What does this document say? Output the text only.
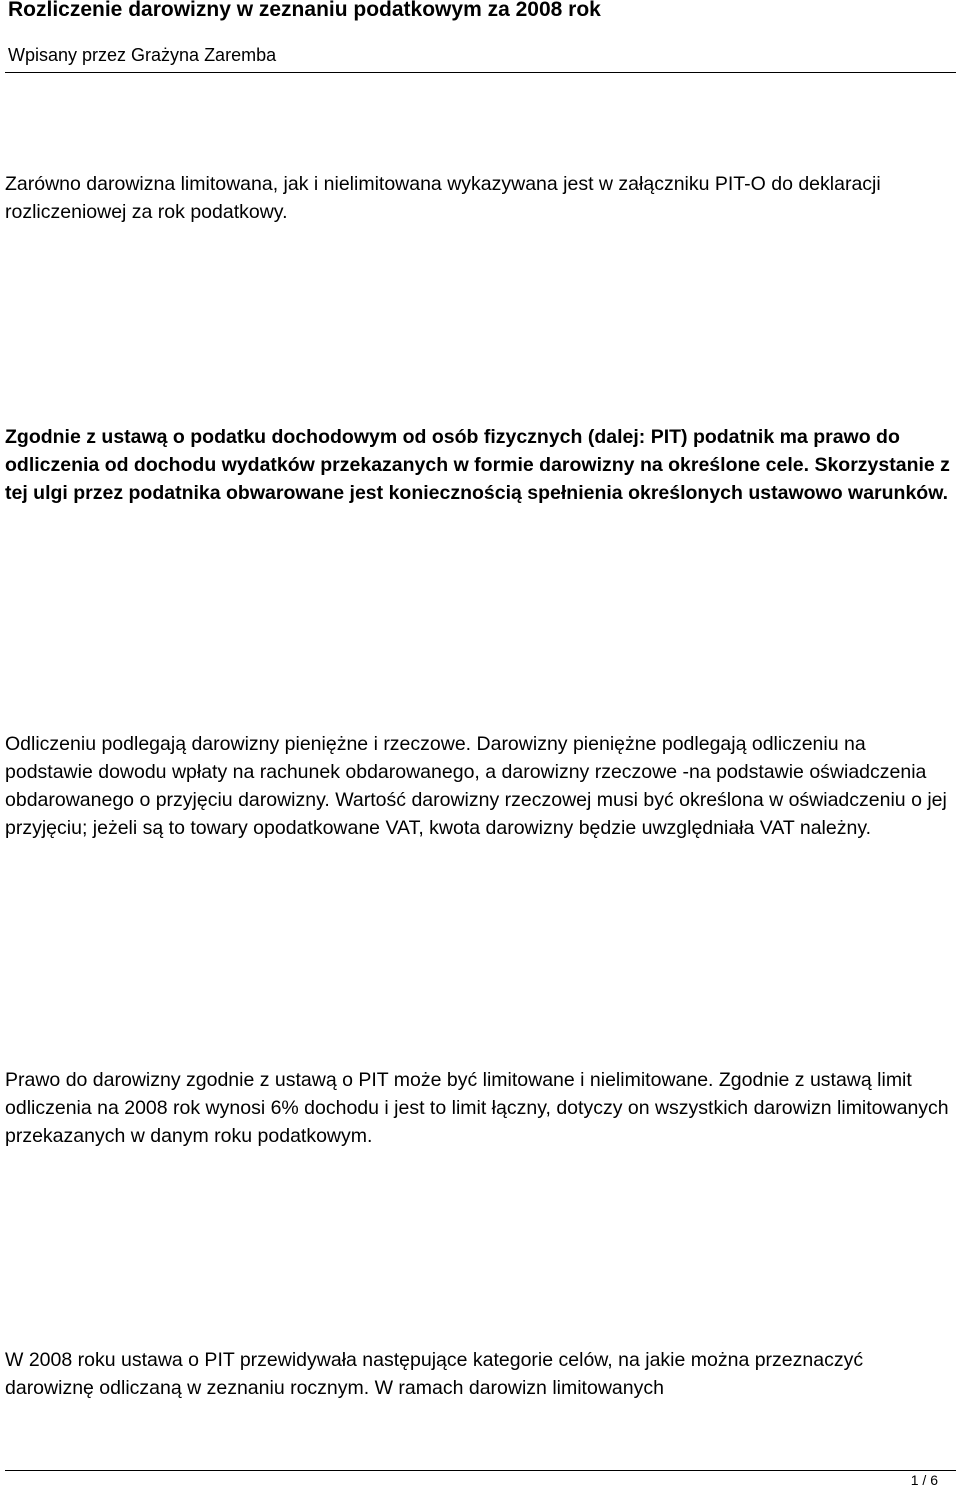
Rozliczenie darowizny w zeznaniu podatkowym za 2008 rok
Wpisany przez Grażyna Zaremba

Zarówno darowizna limitowana, jak i nielimitowana wykazywana jest w załączniku PIT-O do deklaracji rozliczeniowej za rok podatkowy.

Zgodnie z ustawą o podatku dochodowym od osób fizycznych (dalej: PIT) podatnik ma prawo do odliczenia od dochodu wydatków przekazanych w formie darowizny na określone cele. Skorzystanie z tej ulgi przez podatnika obwarowane jest koniecznością spełnienia określonych ustawowo warunków.

Odliczeniu podlegają darowizny pieniężne i rzeczowe. Darowizny pieniężne podlegają odliczeniu na podstawie dowodu wpłaty na rachunek obdarowanego, a darowizny rzeczowe -na podstawie oświadczenia obdarowanego o przyjęciu darowizny. Wartość darowizny rzeczowej musi być określona w oświadczeniu o jej przyjęciu; jeżeli są to towary opodatkowane VAT, kwota darowizny będzie uwzględniała VAT należny.

Prawo do darowizny zgodnie z ustawą o PIT może być limitowane i nielimitowane. Zgodnie z ustawą limit odliczenia na 2008 rok wynosi 6% dochodu i jest to limit łączny, dotyczy on wszystkich darowizn limitowanych przekazanych w danym roku podatkowym.

W 2008 roku ustawa o PIT przewidywała następujące kategorie celów, na jakie można przeznaczyć darowiznę odliczaną w zeznaniu rocznym. W ramach darowizn limitowanych

1 / 6
